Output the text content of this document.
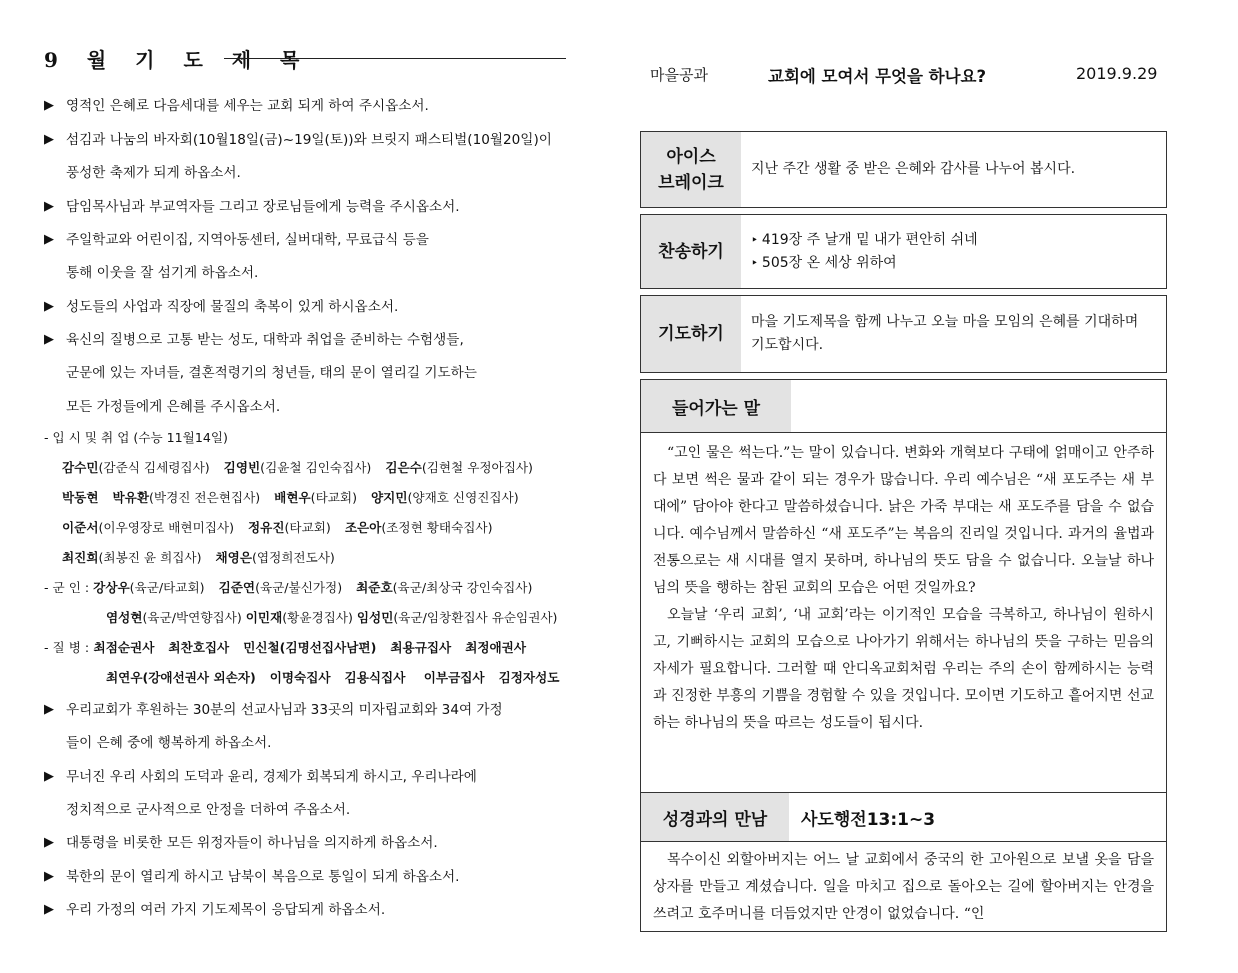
9 월 기 도 제 목
▶ 영적인 은혜로 다음세대를 세우는 교회 되게 하여 주시옵소서.
▶ 섬김과 나눔의 바자회(10월18일(금)~19일(토))와 브릿지 패스티벌(10월20일)이
풍성한 축제가 되게 하옵소서.
▶ 담임목사님과 부교역자들 그리고 장로님들에게 능력을 주시옵소서.
▶ 주일학교와 어린이집, 지역아동센터, 실버대학, 무료급식 등을
통해 이웃을 잘 섬기게 하옵소서.
▶ 성도들의 사업과 직장에 물질의 축복이 있게 하시옵소서.
▶ 육신의 질병으로 고통 받는 성도, 대학과 취업을 준비하는 수험생들,
군문에 있는 자녀들, 결혼적령기의 청년들, 태의 문이 열리길 기도하는
모든 가정들에게 은혜를 주시옵소서.
- 입 시 및 취 업 (수능 11월14일)
감수민(감준식 김세령집사) 김영빈(김윤철 김인숙집사) 김은수(김현철 우정아집사)
박동현 박유환(박경진 전은현집사) 배현우(타교회) 양지민(양재호 신영진집사)
이준서(이우영장로 배현미집사) 정유진(타교회) 조은아(조정현 황태숙집사)
최진희(최봉진 윤 희집사) 채영은(엽정희전도사)
- 군 인 : 강상우(육군/타교회) 김준연(육군/불신가정) 최준호(육군/최상국 강인숙집사)
염성현(육군/박연향집사) 이민재(황윤경집사) 임성민(육군/임창환집사 유순임권사)
- 질 병 : 최점순권사 최찬호집사 민신철(김명선집사남편) 최용규집사 최정애권사
최연우(강애선권사 외손자) 이명숙집사 김용식집사 이부금집사 김정자성도
▶ 우리교회가 후원하는 30분의 선교사님과 33곳의 미자립교회와 34여 가정
들이 은혜 중에 행복하게 하옵소서.
▶ 무너진 우리 사회의 도덕과 윤리, 경제가 회복되게 하시고, 우리나라에
정치적으로 군사적으로 안정을 더하여 주옵소서.
▶ 대통령을 비롯한 모든 위정자들이 하나님을 의지하게 하옵소서.
▶ 북한의 문이 열리게 하시고 남북이 복음으로 통일이 되게 하옵소서.
▶ 우리 가정의 여러 가지 기도제목이 응답되게 하옵소서.
마을공과	교회에 모여서 무엇을 하나요?	2019.9.29
아이스
브레이크
지난 주간 생활 중 받은 은혜와 감사를 나누어 봅시다.
찬송하기
‣ 419장 주 날개 밑 내가 편안히 쉬네
‣ 505장 온 세상 위하여
기도하기
마을 기도제목을 함께 나누고 오늘 마을 모임의 은혜를 기대하며 기도합시다.
들어가는 말

“고인 물은 썩는다.”는 말이 있습니다. 변화와 개혁보다 구태에 얽매이고 안주하다 보면 썩은 물과 같이 되는 경우가 많습니다. 우리 예수님은 “새 포도주는 새 부대에” 담아야 한다고 말씀하셨습니다. 낡은 가죽 부대는 새 포도주를 담을 수 없습니다. 예수님께서 말씀하신 “새 포도주”는 복음의 진리일 것입니다. 과거의 율법과 전통으로는 새 시대를 열지 못하며, 하나님의 뜻도 담을 수 없습니다. 오늘날 하나님의 뜻을 행하는 참된 교회의 모습은 어떤 것일까요?

오늘날 ‘우리 교회’, ‘내 교회’라는 이기적인 모습을 극복하고, 하나님이 원하시고, 기뻐하시는 교회의 모습으로 나아가기 위해서는 하나님의 뜻을 구하는 믿음의 자세가 필요합니다. 그러할 때 안디옥교회처럼 우리는 주의 손이 함께하시는 능력과 진정한 부흥의 기쁨을 경험할 수 있을 것입니다. 모이면 기도하고 흩어지면 선교하는 하나님의 뜻을 따르는 성도들이 됩시다.

성경과의 만남	사도행전13:1~3

목수이신 외할아버지는 어느 날 교회에서 중국의 한 고아원으로 보낼 옷을 담을 상자를 만들고 계셨습니다. 일을 마치고 집으로 돌아오는 길에 할아버지는 안경을 쓰려고 호주머니를 더듬었지만 안경이 없었습니다. “인
